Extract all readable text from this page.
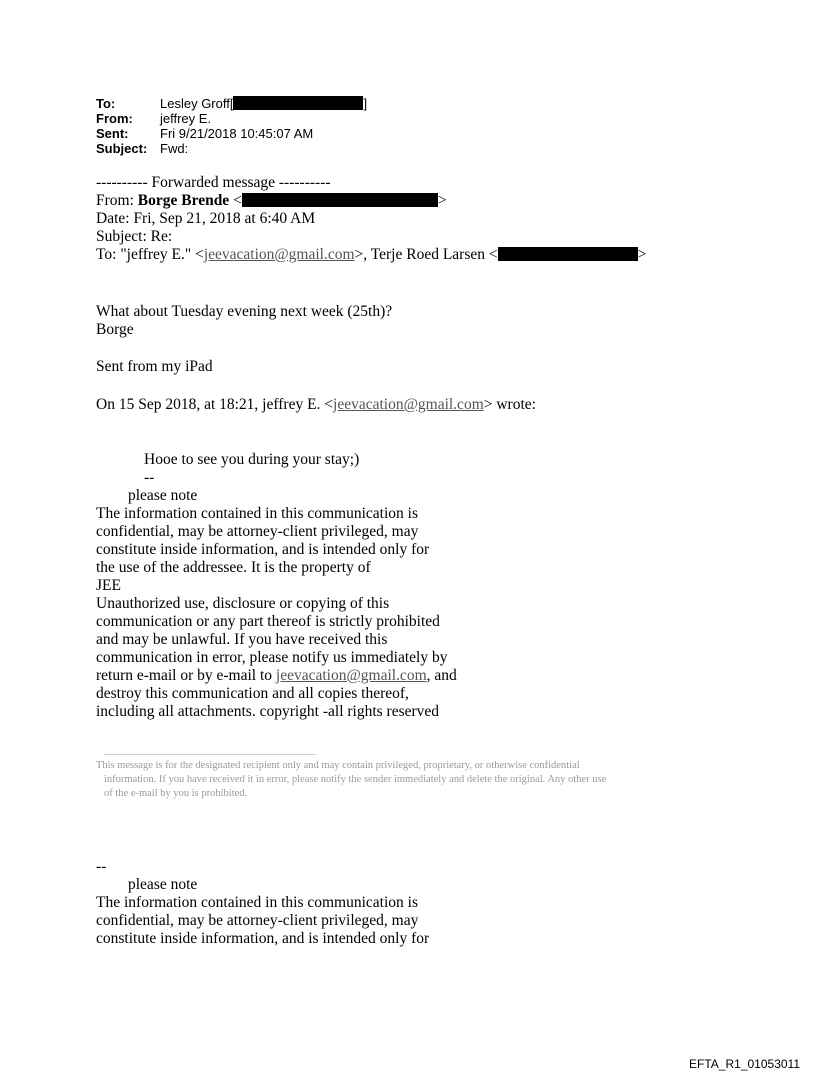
To:	Lesley Groff[	]
From:	jeffrey E.
Sent:	Fri 9/21/2018 10:45:07 AM
Subject: Fwd:
---------- Forwarded message ----------
From: Borge Brende <	>
Date: Fri, Sep 21, 2018 at 6:40 AM
Subject: Re:
To: "jeffrey E." <jeevacation@gmail.com>, Terje Roed Larsen <	>
What about Tuesday evening next week (25th)?
Borge
Sent from my iPad
On 15 Sep 2018, at 18:21, jeffrey E. <jeevacation@gmail.com> wrote:
Hooe to see you during your stay;)
--
please note
The information contained in this communication is
confidential, may be attorney-client privileged, may
constitute inside information, and is intended only for
the use of the addressee. It is the property of
JEE
Unauthorized use, disclosure or copying of this
communication or any part thereof is strictly prohibited
and may be unlawful. If you have received this
communication in error, please notify us immediately by
return e-mail or by e-mail to jeevacation@gmail.com, and
destroy this communication and all copies thereof,
including all attachments. copyright -all rights reserved
This message is for the designated recipient only and may contain privileged, proprietary, or otherwise confidential
information. If you have received it in error, please notify the sender immediately and delete the original. Any other use
of the e-mail by you is prohibited.
--
please note
The information contained in this communication is
confidential, may be attorney-client privileged, may
constitute inside information, and is intended only for
EFTA_R1_01053011
